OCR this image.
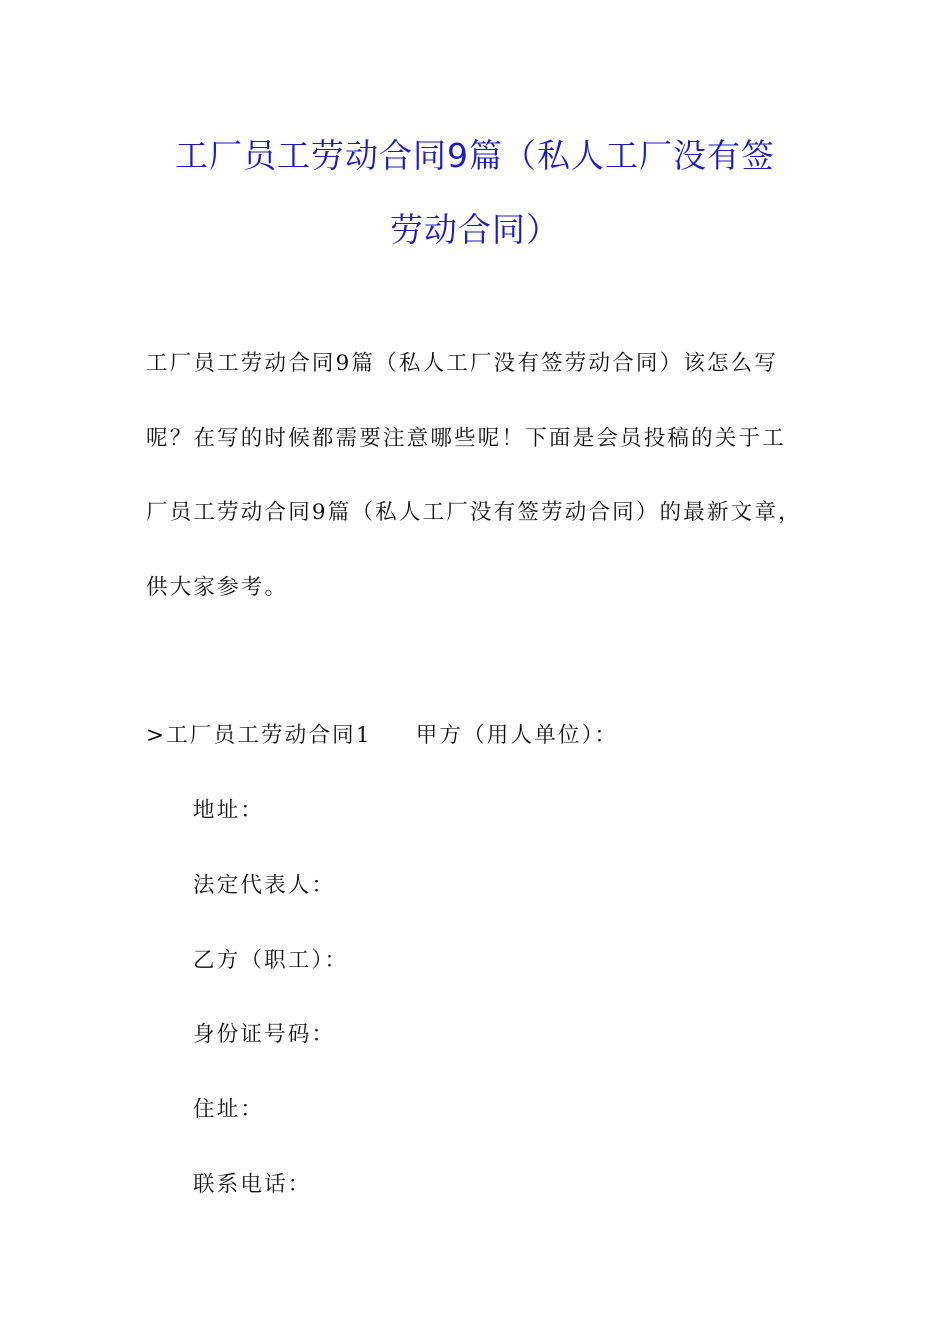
工厂员工劳动合同9篇（私人工厂没有签
劳动合同）
工厂员工劳动合同9篇（私人工厂没有签劳动合同）该怎么写
呢？在写的时候都需要注意哪些呢！下面是会员投稿的关于工
厂员工劳动合同9篇（私人工厂没有签劳动合同）的最新文章，
供大家参考。
>工厂员工劳动合同1 甲方（用人单位）：
地址：
法定代表人：
乙方（职工）：
身份证号码：
住址：
联系电话：
